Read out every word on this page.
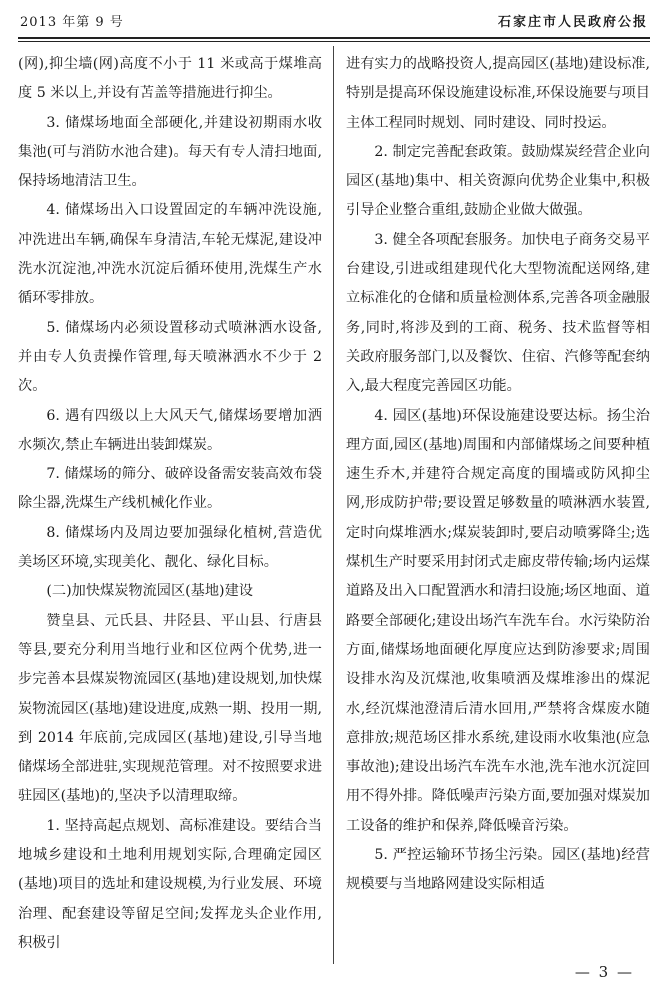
2013 年第 9 号	石家庄市人民政府公报

(网),抑尘墙(网)高度不小于 11 米或高于煤堆高度 5 米以上,并设有苫盖等措施进行抑尘。

3. 储煤场地面全部硬化,并建设初期雨水收集池(可与消防水池合建)。每天有专人清扫地面,保持场地清洁卫生。

4. 储煤场出入口设置固定的车辆冲洗设施,冲洗进出车辆,确保车身清洁,车轮无煤泥,建设冲洗水沉淀池,冲洗水沉淀后循环使用,洗煤生产水循环零排放。

5. 储煤场内必须设置移动式喷淋洒水设备,并由专人负责操作管理,每天喷淋洒水不少于 2 次。

6. 遇有四级以上大风天气,储煤场要增加洒水频次,禁止车辆进出装卸煤炭。

7. 储煤场的筛分、破碎设备需安装高效布袋除尘器,洗煤生产线机械化作业。

8. 储煤场内及周边要加强绿化植树,营造优美场区环境,实现美化、靓化、绿化目标。

(二)加快煤炭物流园区(基地)建设

赞皇县、元氏县、井陉县、平山县、行唐县等县,要充分利用当地行业和区位两个优势,进一步完善本县煤炭物流园区(基地)建设规划,加快煤炭物流园区(基地)建设进度,成熟一期、投用一期,到 2014 年底前,完成园区(基地)建设,引导当地储煤场全部进驻,实现规范管理。对不按照要求进驻园区(基地)的,坚决予以清理取缔。

1. 坚持高起点规划、高标准建设。要结合当地城乡建设和土地利用规划实际,合理确定园区(基地)项目的选址和建设规模,为行业发展、环境治理、配套建设等留足空间;发挥龙头企业作用,积极引

进有实力的战略投资人,提高园区(基地)建设标准,特别是提高环保设施建设标准,环保设施要与项目主体工程同时规划、同时建设、同时投运。

2. 制定完善配套政策。鼓励煤炭经营企业向园区(基地)集中、相关资源向优势企业集中,积极引导企业整合重组,鼓励企业做大做强。

3. 健全各项配套服务。加快电子商务交易平台建设,引进或组建现代化大型物流配送网络,建立标准化的仓储和质量检测体系,完善各项金融服务,同时,将涉及到的工商、税务、技术监督等相关政府服务部门,以及餐饮、住宿、汽修等配套纳入,最大程度完善园区功能。

4. 园区(基地)环保设施建设要达标。扬尘治理方面,园区(基地)周围和内部储煤场之间要种植速生乔木,并建符合规定高度的围墙或防风抑尘网,形成防护带;要设置足够数量的喷淋洒水装置,定时向煤堆洒水;煤炭装卸时,要启动喷雾降尘;选煤机生产时要采用封闭式走廊皮带传输;场内运煤道路及出入口配置洒水和清扫设施;场区地面、道路要全部硬化;建设出场汽车洗车台。水污染防治方面,储煤场地面硬化厚度应达到防渗要求;周围设排水沟及沉煤池,收集喷洒及煤堆渗出的煤泥水,经沉煤池澄清后清水回用,严禁将含煤废水随意排放;规范场区排水系统,建设雨水收集池(应急事故池);建设出场汽车洗车水池,洗车池水沉淀回用不得外排。降低噪声污染方面,要加强对煤炭加工设备的维护和保养,降低噪音污染。

5. 严控运输环节扬尘污染。园区(基地)经营规模要与当地路网建设实际相适

— 3 —
